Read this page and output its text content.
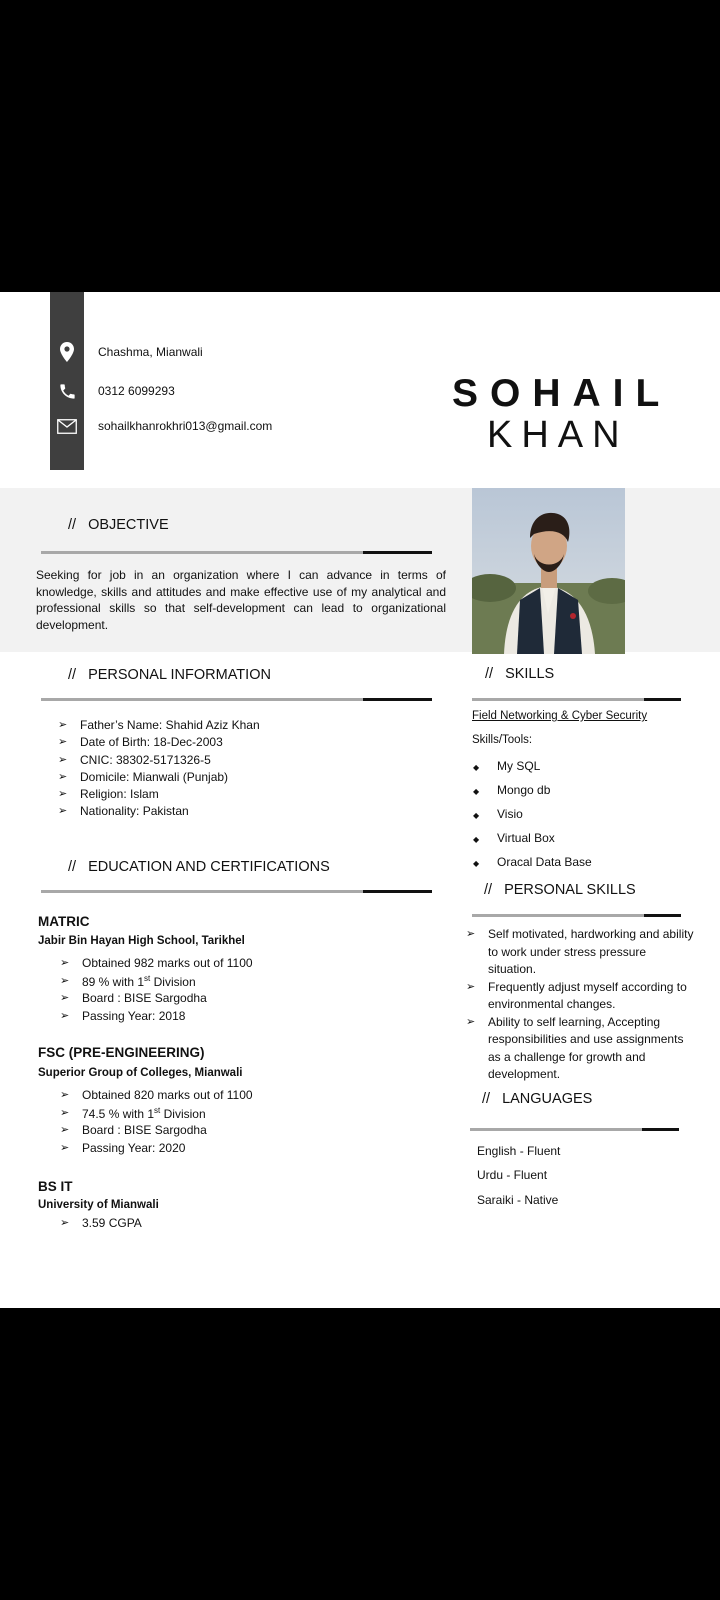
Chashma, Mianwali
0312 6099293
sohailkhanrokhri013@gmail.com
SOHAIL
KHAN
// OBJECTIVE
Seeking for job in an organization where I can advance in terms of knowledge, skills and attitudes and make effective use of my analytical and professional skills so that self-development can lead to organizational development.
// PERSONAL INFORMATION
➢ Father’s Name: Shahid Aziz Khan
➢ Date of Birth: 18-Dec-2003
➢ CNIC: 38302-5171326-5
➢ Domicile: Mianwali (Punjab)
➢ Religion: Islam
➢ Nationality: Pakistan
// EDUCATION AND CERTIFICATIONS
MATRIC
Jabir Bin Hayan High School, Tarikhel
➢ Obtained 982 marks out of 1100
➢ 89 % with 1st Division
➢ Board : BISE Sargodha
➢ Passing Year: 2018
FSC (PRE-ENGINEERING)
Superior Group of Colleges, Mianwali
➢ Obtained 820 marks out of 1100
➢ 74.5 % with 1st Division
➢ Board : BISE Sargodha
➢ Passing Year: 2020
BS IT
University of Mianwali
➢ 3.59 CGPA
// SKILLS
Field Networking & Cyber Security
Skills/Tools:
◆ My SQL
◆ Mongo db
◆ Visio
◆ Virtual Box
◆ Oracal Data Base
// PERSONAL SKILLS
➢ Self motivated, hardworking and ability to work under stress pressure situation.
➢ Frequently adjust myself according to environmental changes.
➢ Ability to self learning, Accepting responsibilities and use assignments as a challenge for growth and development.
// LANGUAGES
English - Fluent
Urdu - Fluent
Saraiki - Native
